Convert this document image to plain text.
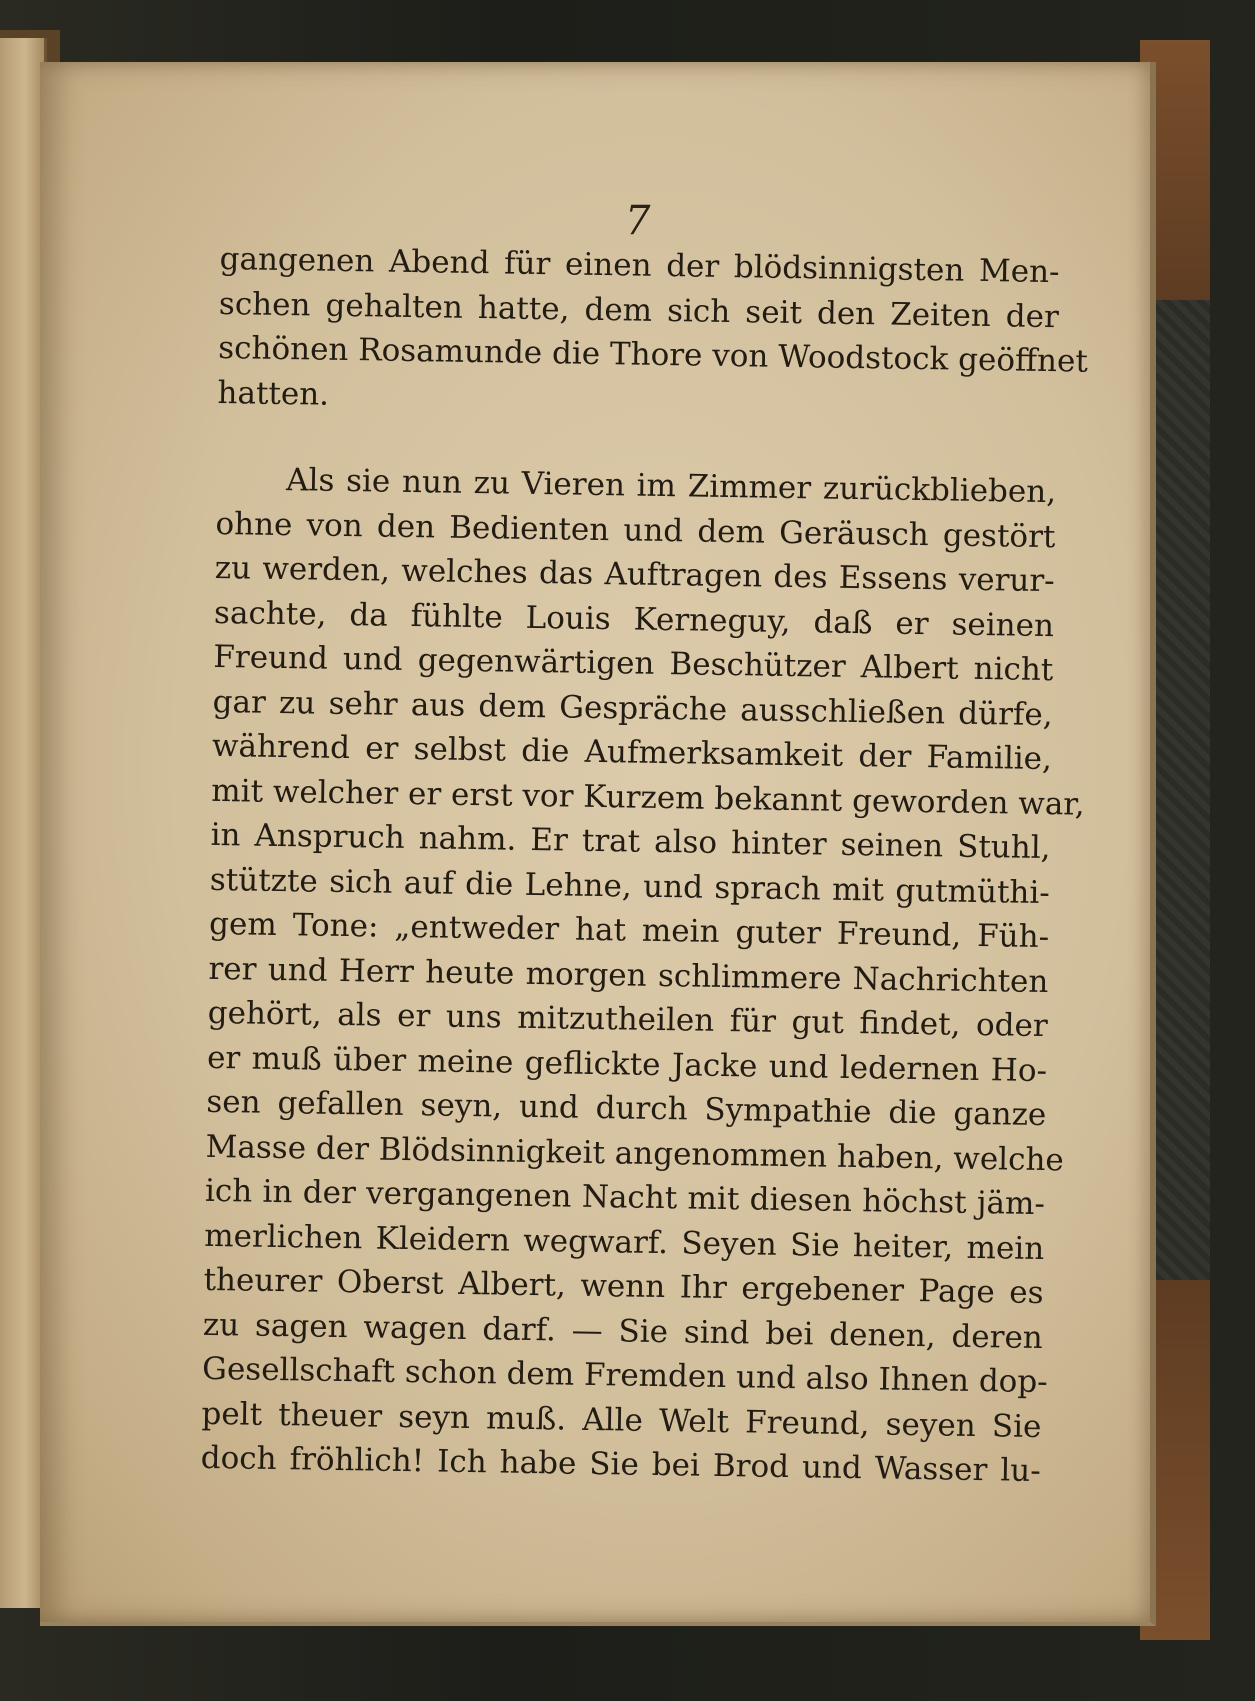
7

gangenen Abend für einen der blödsinnigsten Men-
schen gehalten hatte, dem sich seit den Zeiten der
schönen Rosamunde die Thore von Woodstock geöffnet
hatten.
Als sie nun zu Vieren im Zimmer zurückblieben,
ohne von den Bedienten und dem Geräusch gestört
zu werden, welches das Auftragen des Essens verur-
sachte, da fühlte Louis Kerneguy, daß er seinen
Freund und gegenwärtigen Beschützer Albert nicht
gar zu sehr aus dem Gespräche ausschließen dürfe,
während er selbst die Aufmerksamkeit der Familie,
mit welcher er erst vor Kurzem bekannt geworden war,
in Anspruch nahm. Er trat also hinter seinen Stuhl,
stützte sich auf die Lehne, und sprach mit gutmüthi-
gem Tone: „entweder hat mein guter Freund, Füh-
rer und Herr heute morgen schlimmere Nachrichten
gehört, als er uns mitzutheilen für gut findet, oder
er muß über meine geflickte Jacke und ledernen Ho-
sen gefallen seyn, und durch Sympathie die ganze
Masse der Blödsinnigkeit angenommen haben, welche
ich in der vergangenen Nacht mit diesen höchst jäm-
merlichen Kleidern wegwarf. Seyen Sie heiter, mein
theurer Oberst Albert, wenn Ihr ergebener Page es
zu sagen wagen darf. — Sie sind bei denen, deren
Gesellschaft schon dem Fremden und also Ihnen dop-
pelt theuer seyn muß. Alle Welt Freund, seyen Sie
doch fröhlich! Ich habe Sie bei Brod und Wasser lu-
